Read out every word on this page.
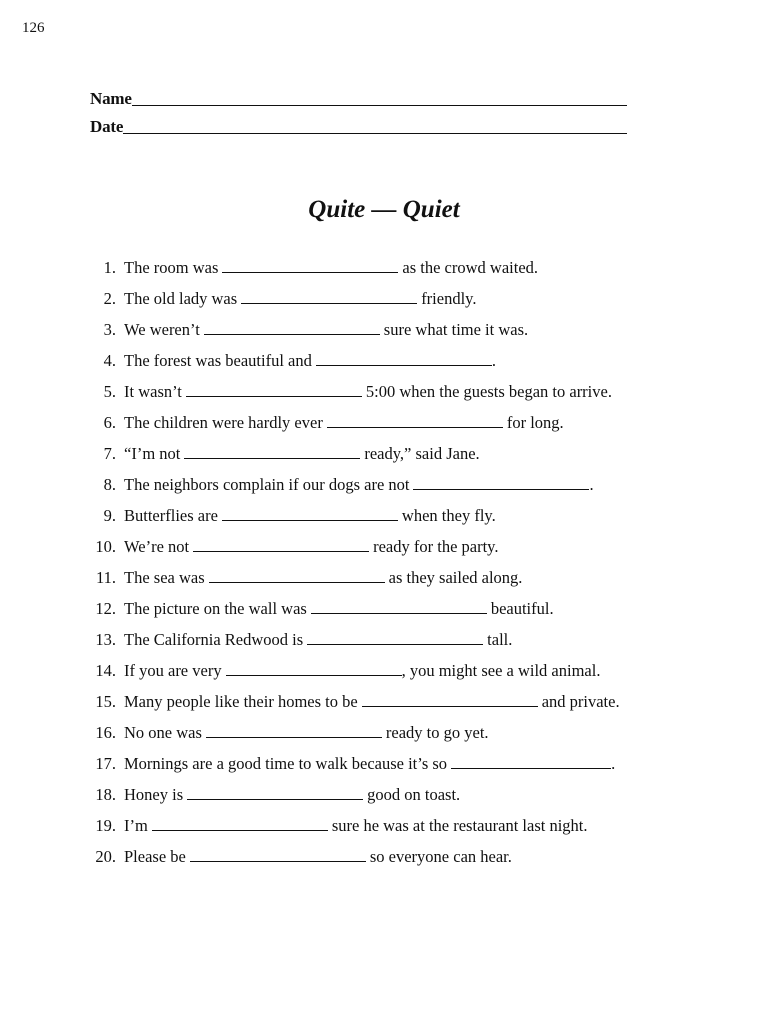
126
Name
Date
Quite — Quiet
1. The room was	as the crowd waited.
2. The old lady was	friendly.
3. We weren’t	sure what time it was.
4. The forest was beautiful and	.
5. It wasn’t	5:00 when the guests began to arrive.
6. The children were hardly ever	for long.
7. “I’m not	ready,” said Jane.
8. The neighbors complain if our dogs are not	.
9. Butterflies are	when they fly.
10. We’re not	ready for the party.
11. The sea was	as they sailed along.
12. The picture on the wall was	beautiful.
13. The California Redwood is	tall.
14. If you are very	, you might see a wild animal.
15. Many people like their homes to be	and private.
16. No one was	ready to go yet.
17. Mornings are a good time to walk because it’s so	.
18. Honey is	good on toast.
19. I’m	sure he was at the restaurant last night.
20. Please be	so everyone can hear.
